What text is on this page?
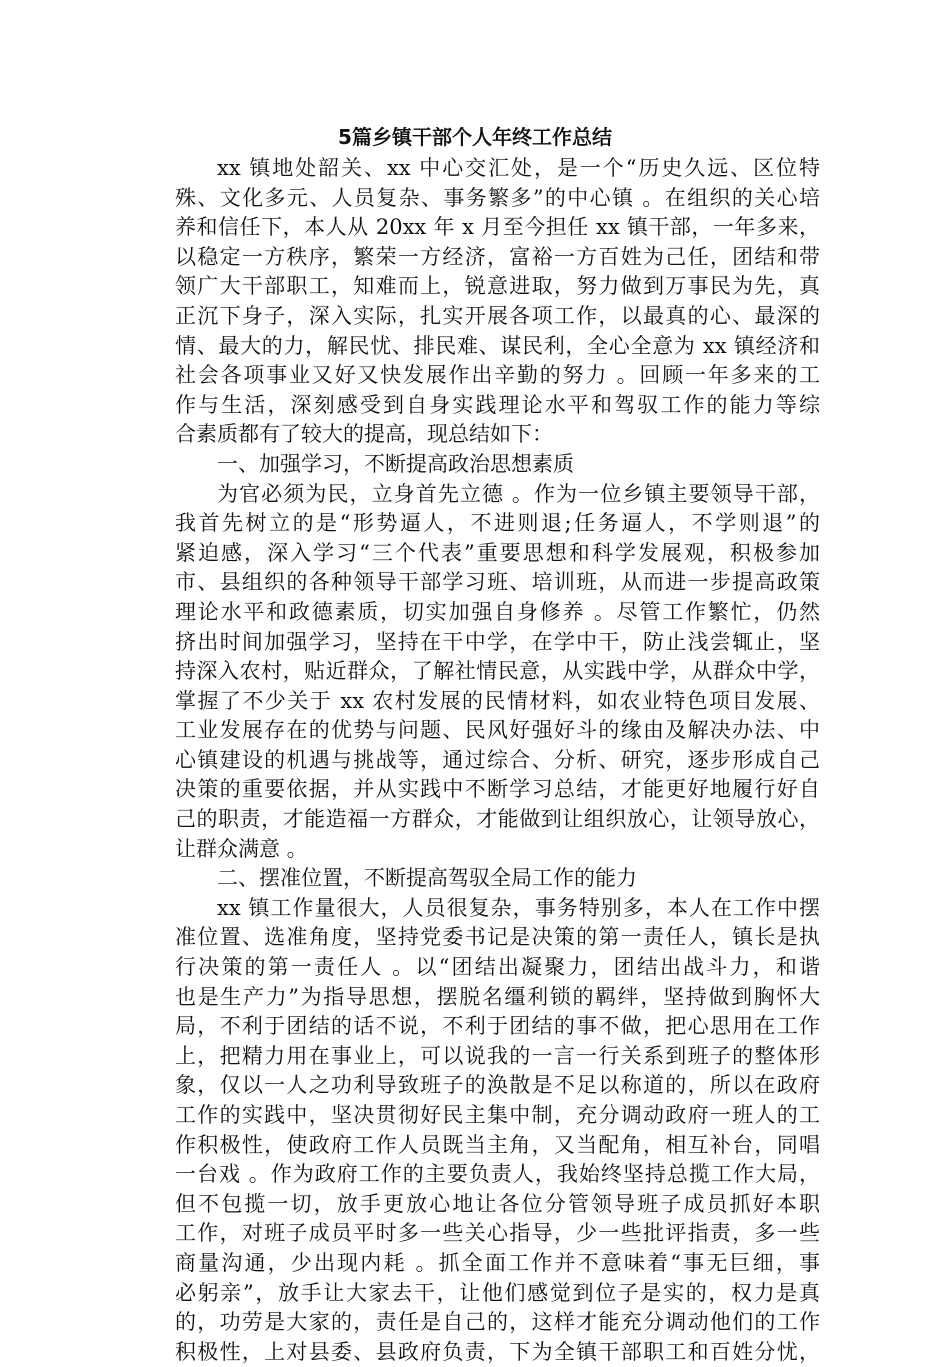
5篇乡镇干部个人年终工作总结
xx 镇地处韶关、xx 中心交汇处，是一个“历史久远、区位特
殊、文化多元、人员复杂、事务繁多”的中心镇 。在组织的关心培
养和信任下，本人从 20xx 年 x 月至今担任 xx 镇干部，一年多来，
以稳定一方秩序，繁荣一方经济，富裕一方百姓为己任，团结和带
领广大干部职工，知难而上，锐意进取，努力做到万事民为先，真
正沉下身子，深入实际，扎实开展各项工作，以最真的心、最深的
情、最大的力，解民忧、排民难、谋民利，全心全意为 xx 镇经济和
社会各项事业又好又快发展作出辛勤的努力 。回顾一年多来的工
作与生活，深刻感受到自身实践理论水平和驾驭工作的能力等综
合素质都有了较大的提高，现总结如下：
一、加强学习，不断提高政治思想素质
为官必须为民，立身首先立德 。作为一位乡镇主要领导干部，
我首先树立的是“形势逼人，不进则退;任务逼人，不学则退”的
紧迫感，深入学习“三个代表”重要思想和科学发展观，积极参加
市、县组织的各种领导干部学习班、培训班，从而进一步提高政策
理论水平和政德素质，切实加强自身修养 。尽管工作繁忙，仍然
挤出时间加强学习，坚持在干中学，在学中干，防止浅尝辄止，坚
持深入农村，贴近群众，了解社情民意，从实践中学，从群众中学，
掌握了不少关于 xx 农村发展的民情材料，如农业特色项目发展、
工业发展存在的优势与问题、民风好强好斗的缘由及解决办法、中
心镇建设的机遇与挑战等，通过综合、分析、研究，逐步形成自己
决策的重要依据，并从实践中不断学习总结，才能更好地履行好自
己的职责，才能造福一方群众，才能做到让组织放心，让领导放心，
让群众满意 。
二、摆准位置，不断提高驾驭全局工作的能力
xx 镇工作量很大，人员很复杂，事务特别多，本人在工作中摆
准位置、选准角度，坚持党委书记是决策的第一责任人，镇长是执
行决策的第一责任人 。以“团结出凝聚力，团结出战斗力，和谐
也是生产力”为指导思想，摆脱名缰利锁的羁绊，坚持做到胸怀大
局，不利于团结的话不说，不利于团结的事不做，把心思用在工作
上，把精力用在事业上，可以说我的一言一行关系到班子的整体形
象，仅以一人之功利导致班子的涣散是不足以称道的，所以在政府
工作的实践中，坚决贯彻好民主集中制，充分调动政府一班人的工
作积极性，使政府工作人员既当主角，又当配角，相互补台，同唱
一台戏 。作为政府工作的主要负责人，我始终坚持总揽工作大局，
但不包揽一切，放手更放心地让各位分管领导班子成员抓好本职
工作，对班子成员平时多一些关心指导，少一些批评指责，多一些
商量沟通，少出现内耗 。抓全面工作并不意味着“事无巨细，事
必躬亲”，放手让大家去干，让他们感觉到位子是实的，权力是真
的，功劳是大家的，责任是自己的，这样才能充分调动他们的工作
积极性，上对县委、县政府负责，下为全镇干部职工和百姓分忧，
